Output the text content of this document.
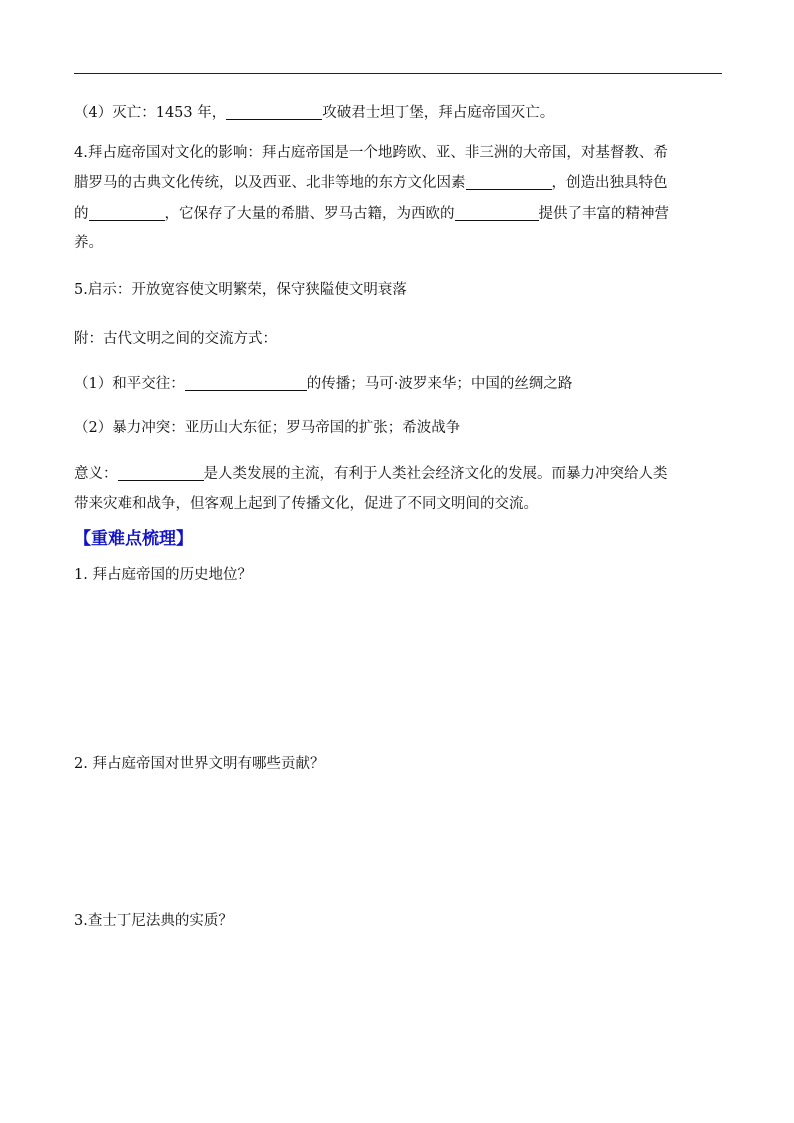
（4）灭亡：1453 年，	攻破君士坦丁堡，拜占庭帝国灭亡。
4.拜占庭帝国对文化的影响：拜占庭帝国是一个地跨欧、亚、非三洲的大帝国，对基督教、希
腊罗马的古典文化传统，以及西亚、北非等地的东方文化因素	，创造出独具特色
的	，它保存了大量的希腊、罗马古籍，为西欧的	提供了丰富的精神营
养。
5.启示：开放宽容使文明繁荣，保守狭隘使文明衰落
附：古代文明之间的交流方式：
（1）和平交往：	的传播；马可·波罗来华；中国的丝绸之路
（2）暴力冲突：亚历山大东征；罗马帝国的扩张；希波战争
意义：	是人类发展的主流，有利于人类社会经济文化的发展。而暴力冲突给人类
带来灾难和战争，但客观上起到了传播文化，促进了不同文明间的交流。
【重难点梳理】
1. 拜占庭帝国的历史地位？
2. 拜占庭帝国对世界文明有哪些贡献？
3.查士丁尼法典的实质？
